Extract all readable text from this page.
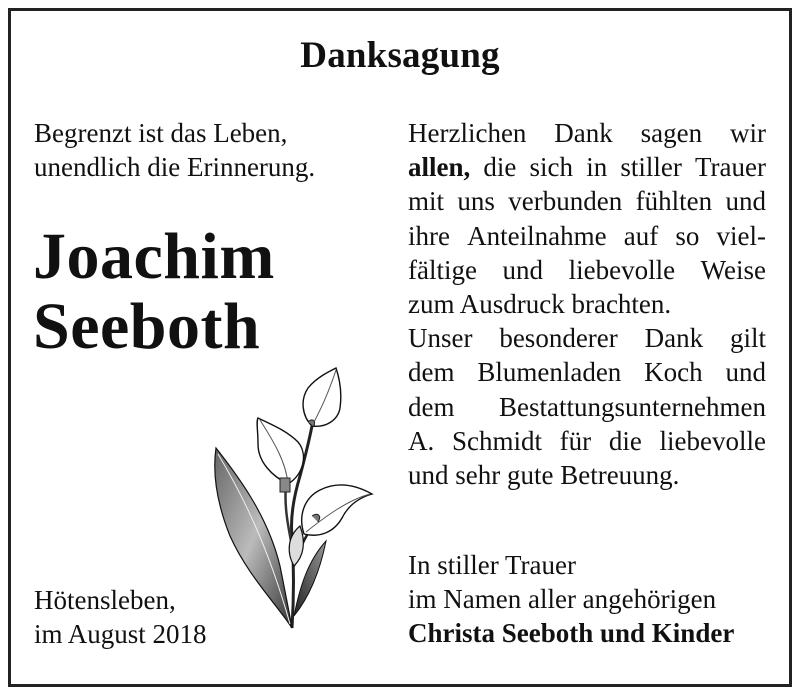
Danksagung
Begrenzt ist das Leben,
unendlich die Erinnerung.
Joachim
Seeboth
Hötensleben,
im August 2018
Herzlichen Dank sagen wir
allen, die sich in stiller Trauer
mit uns verbunden fühlten und
ihre Anteilnahme auf so viel-
fältige und liebevolle Weise
zum Ausdruck brachten.
Unser besonderer Dank gilt
dem Blumenladen Koch und
dem Bestattungsunternehmen
A. Schmidt für die liebevolle
und sehr gute Betreuung.
In stiller Trauer
im Namen aller angehörigen
Christa Seeboth und Kinder
